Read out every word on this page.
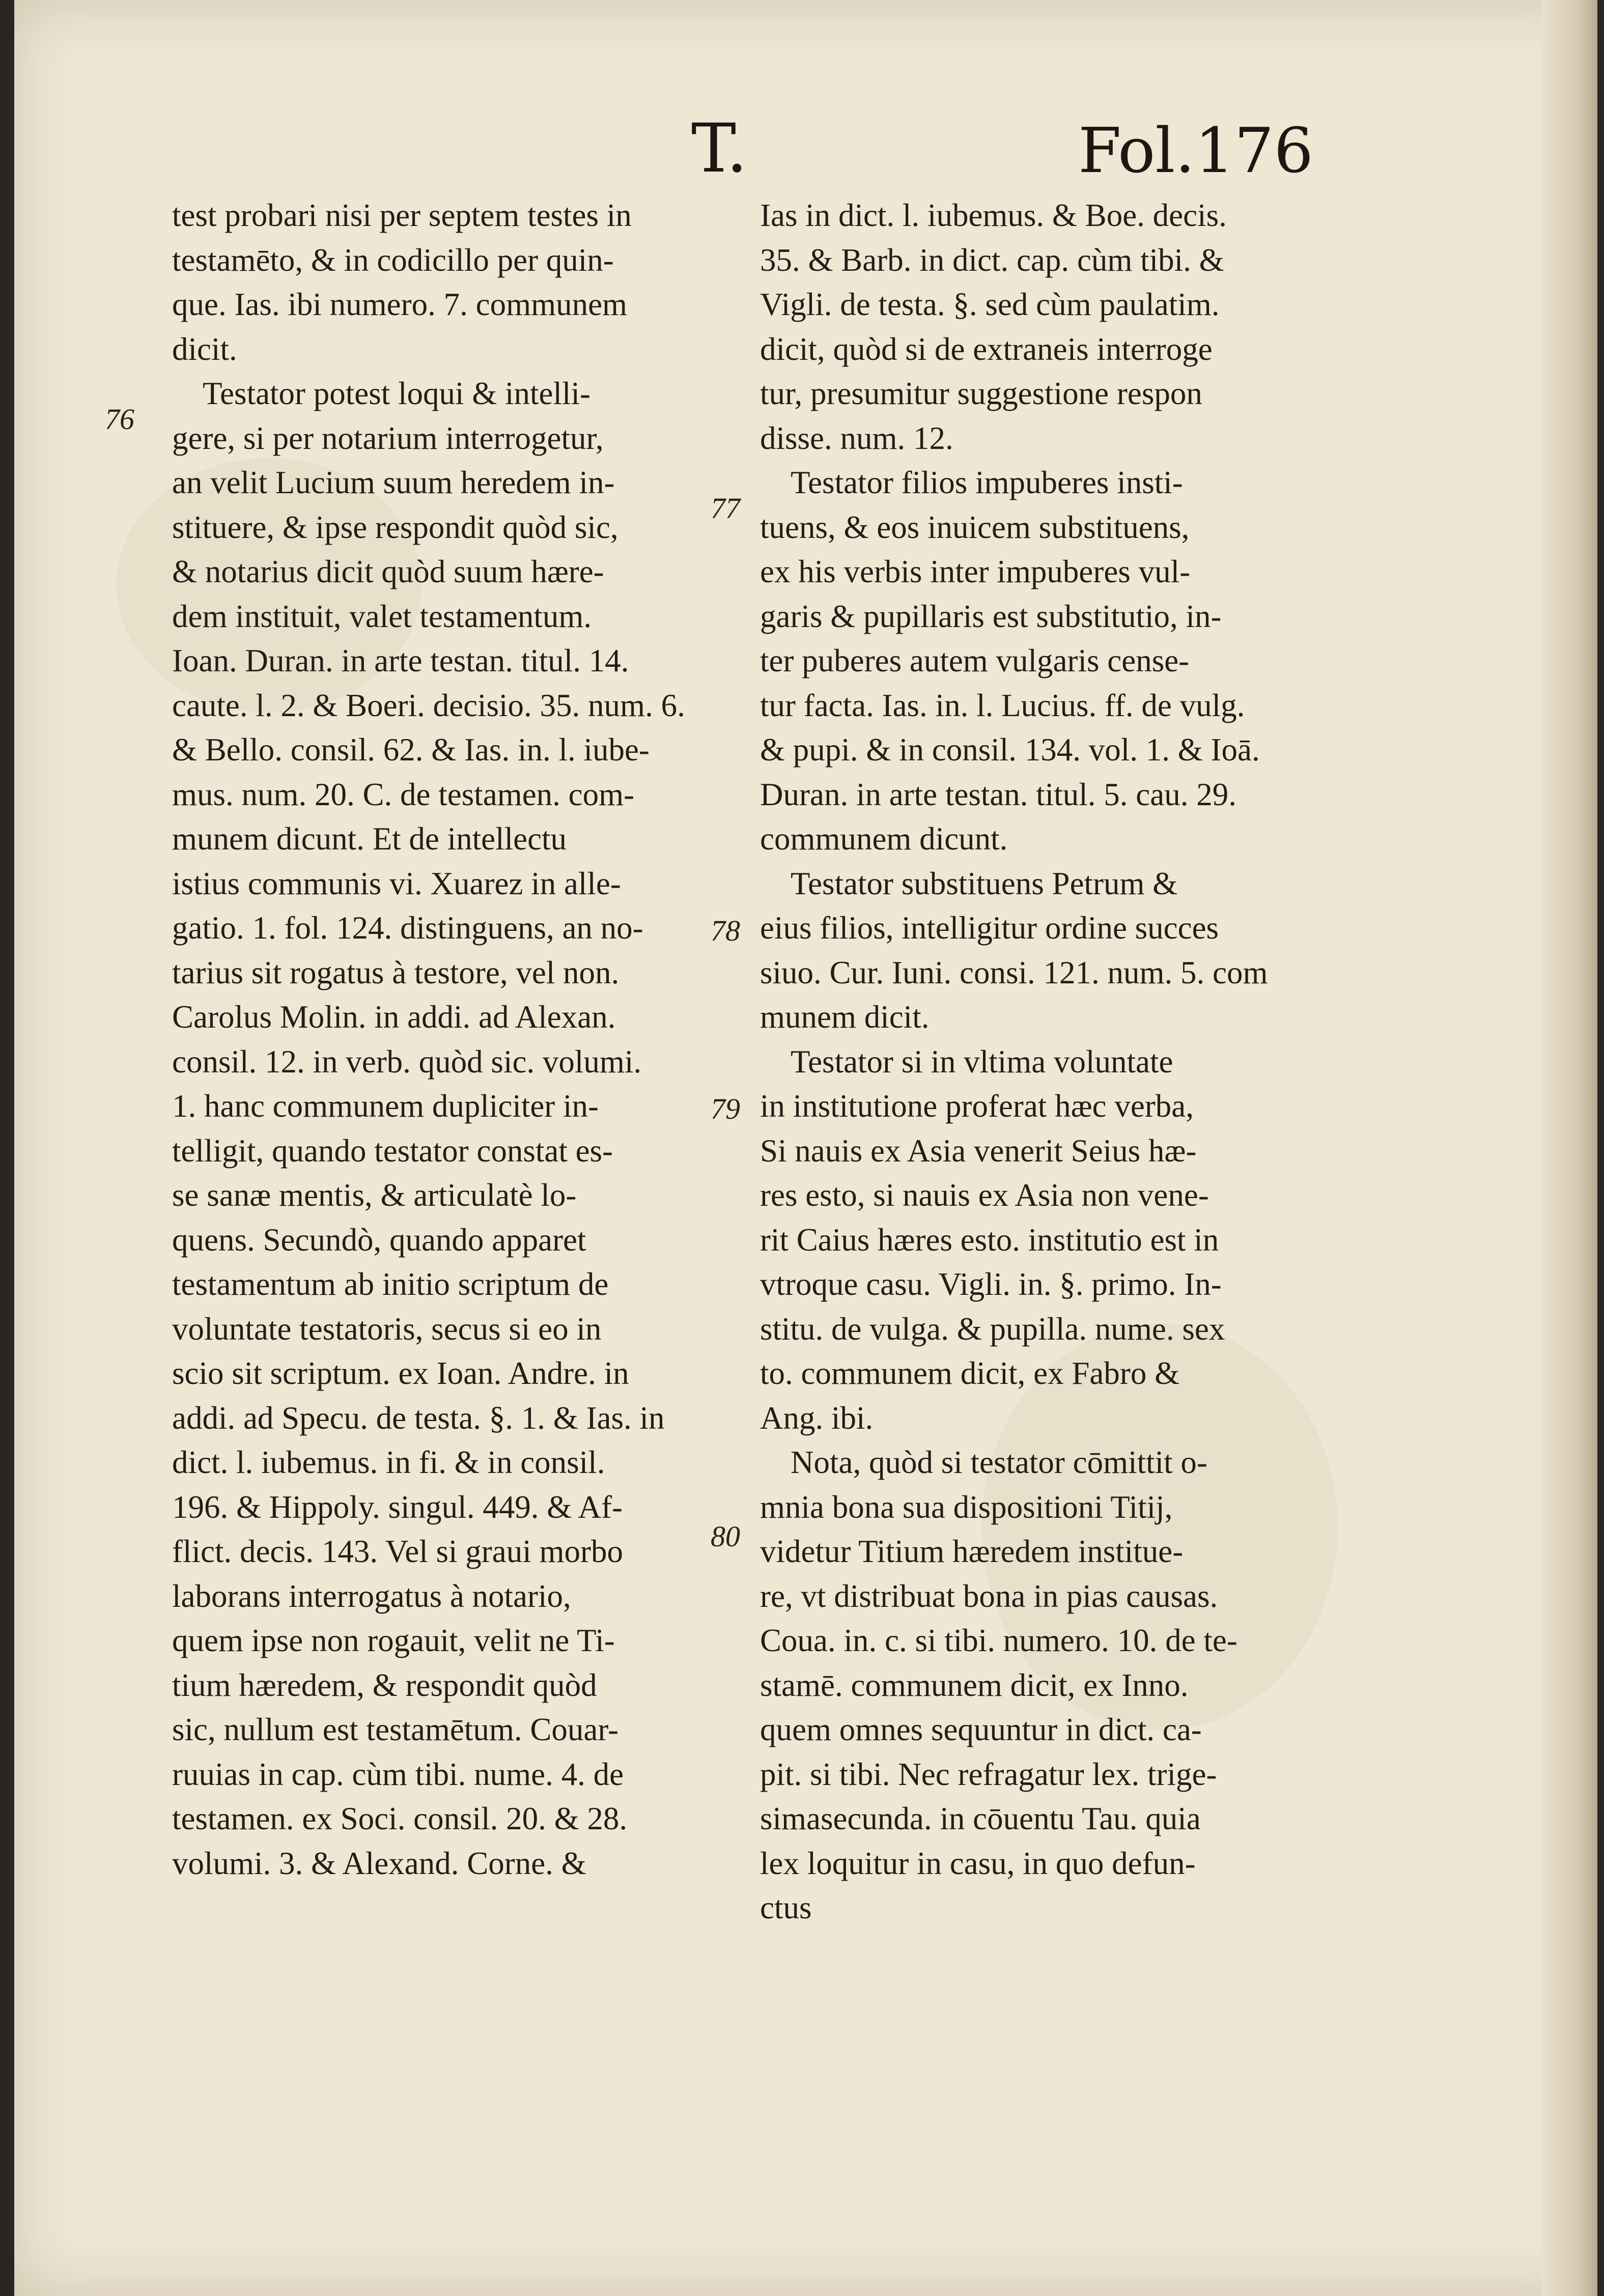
T.	Fol.176
test probari nisi per septem testes in
testamēto, & in codicillo per quin-
que. Ias. ibi numero. 7. communem
dicit.
Testator potest loqui & intelli-
gere, si per notarium interrogetur,
an velit Lucium suum heredem in-
stituere, & ipse respondit quòd sic,
& notarius dicit quòd suum hære-
dem instituit, valet testamentum.
Ioan. Duran. in arte testan. titul. 14.
caute. l. 2. & Boeri. decisio. 35. num. 6.
& Bello. consil. 62. & Ias. in. l. iube-
mus. num. 20. C. de testamen. com-
munem dicunt. Et de intellectu
istius communis vi. Xuarez in alle-
gatio. 1. fol. 124. distinguens, an no-
tarius sit rogatus à testore, vel non.
Carolus Molin. in addi. ad Alexan.
consil. 12. in verb. quòd sic. volumi.
1. hanc communem dupliciter in-
telligit, quando testator constat es-
se sanæ mentis, & articulatè lo-
quens. Secundò, quando apparet
testamentum ab initio scriptum de
voluntate testatoris, secus si eo in
scio sit scriptum. ex Ioan. Andre. in
addi. ad Specu. de testa. §. 1. & Ias. in
dict. l. iubemus. in fi. & in consil.
196. & Hippoly. singul. 449. & Af-
flict. decis. 143. Vel si graui morbo
laborans interrogatus à notario,
quem ipse non rogauit, velit ne Ti-
tium hæredem, & respondit quòd
sic, nullum est testamētum. Couar-
ruuias in cap. cùm tibi. nume. 4. de
testamen. ex Soci. consil. 20. & 28.
volumi. 3. & Alexand. Corne. &
Ias in dict. l. iubemus. & Boe. decis.
35. & Barb. in dict. cap. cùm tibi. &
Vigli. de testa. §. sed cùm paulatim.
dicit, quòd si de extraneis interroge
tur, presumitur suggestione respon
disse. num. 12.
Testator filios impuberes insti-
tuens, & eos inuicem substituens,
ex his verbis inter impuberes vul-
garis & pupillaris est substitutio, in-
ter puberes autem vulgaris cense-
tur facta. Ias. in. l. Lucius. ff. de vulg.
& pupi. & in consil. 134. vol. 1. & Ioā.
Duran. in arte testan. titul. 5. cau. 29.
communem dicunt.
Testator substituens Petrum &
eius filios, intelligitur ordine succes
siuo. Cur. Iuni. consi. 121. num. 5. com
munem dicit.
Testator si in vltima voluntate
in institutione proferat hæc verba,
Si nauis ex Asia venerit Seius hæ-
res esto, si nauis ex Asia non vene-
rit Caius hæres esto. institutio est in
vtroque casu. Vigli. in. §. primo. In-
stitu. de vulga. & pupilla. nume. sex
to. communem dicit, ex Fabro &
Ang. ibi.
Nota, quòd si testator cōmittit o-
mnia bona sua dispositioni Titij,
videtur Titium hæredem institue-
re, vt distribuat bona in pias causas.
Coua. in. c. si tibi. numero. 10. de te-
stamē. communem dicit, ex Inno.
quem omnes sequuntur in dict. ca-
pit. si tibi. Nec refragatur lex. trige-
simasecunda. in cōuentu Tau. quia
lex loquitur in casu, in quo defun-
ctus
76
77
78
79
80
